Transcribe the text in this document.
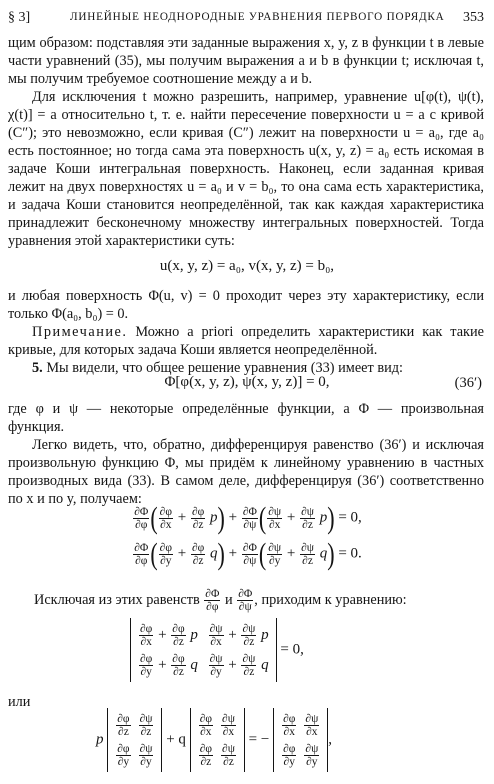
§ 3]	ЛИНЕЙНЫЕ НЕОДНОРОДНЫЕ УРАВНЕНИЯ ПЕРВОГО ПОРЯДКА 353

щим образом: подставляя эти заданные выражения x, y, z в функции t в левые части уравнений (35), мы получим выражения a и b в функции t; исключая t, мы получим требуемое соотношение между a и b.

Для исключения t можно разрешить, например, уравнение u[φ(t), ψ(t), χ(t)] = a относительно t, т. е. найти пересечение поверхности u = a с кривой (C″); это невозможно, если кривая (C″) лежит на поверхности u = a₀, где a₀ есть постоянное; но тогда сама эта поверхность u(x, y, z) = a₀ есть искомая в задаче Коши интегральная поверхность. Наконец, если заданная кривая лежит на двух поверхностях u = a₀ и v = b₀, то она сама есть характеристика, и задача Коши становится неопределённой, так как каждая характеристика принадлежит бесконечному множеству интегральных поверхностей. Тогда уравнения этой характеристики суть:

u(x, y, z) = a₀, v(x, y, z) = b₀,

и любая поверхность Φ(u, v) = 0 проходит через эту характеристику, если только Φ(a₀, b₀) = 0.

Примечание. Можно a priori определить характеристики как такие кривые, для которых задача Коши является неопределённой.

5. Мы видели, что общее решение уравнения (33) имеет вид:

Φ[φ(x, y, z), ψ(x, y, z)] = 0,	(36′)

где φ и ψ — некоторые определённые функции, а Φ — произвольная функция.

Легко видеть, что, обратно, дифференцируя равенство (36′) и исключая произвольную функцию Φ, мы придём к линейному уравнению в частных производных вида (33). В самом деле, дифференцируя (36′) соответственно по x и по y, получаем:

$\frac{\partial\Phi}{\partial\varphi}$ ( $\frac{\partial\varphi}{\partial x} + \frac{\partial\varphi}{\partial z} p) + \frac{\partial\Phi}{\partial\psi}$ ( $\frac{\partial\psi}{\partial x} + \frac{\partial\psi}{\partial z} p) = 0$,
$\frac{\partial\Phi}{\partial\varphi}$ ( $\frac{\partial\varphi}{\partial y} + \frac{\partial\varphi}{\partial z} q) + \frac{\partial\Phi}{\partial\psi}$ ( $\frac{\partial\psi}{\partial y} + \frac{\partial\psi}{\partial z} q) = 0$.
Исключая из этих равенств $\frac{\partial\Phi}{\partial\varphi}$ и $\frac{\partial\Phi}{\partial\psi}$ , приходим к уравнению:
$\frac{\partial\varphi}{\partial x} + \frac{\partial\varphi}{\partial z}$ p $\frac{\partial\psi}{\partial x} + \frac{\partial\psi}{\partial z}$ p
$\frac{\partial\varphi}{\partial y} + \frac{\partial\varphi}{\partial z}$ q $\frac{\partial\psi}{\partial y} + \frac{\partial\psi}{\partial z}$ q
= 0,
или
p
$\frac{\partial\varphi}{\partial z} \frac{\partial\psi}{\partial z}$
$\frac{\partial\varphi}{\partial y} \frac{\partial\psi}{\partial y}$
+ q
$\frac{\partial\varphi}{\partial x} \frac{\partial\psi}{\partial x}$
$\frac{\partial\varphi}{\partial z} \frac{\partial\psi}{\partial z}$
= −
$\frac{\partial\varphi}{\partial x} \frac{\partial\psi}{\partial x}$
$\frac{\partial\varphi}{\partial y} \frac{\partial\psi}{\partial y}$
,
